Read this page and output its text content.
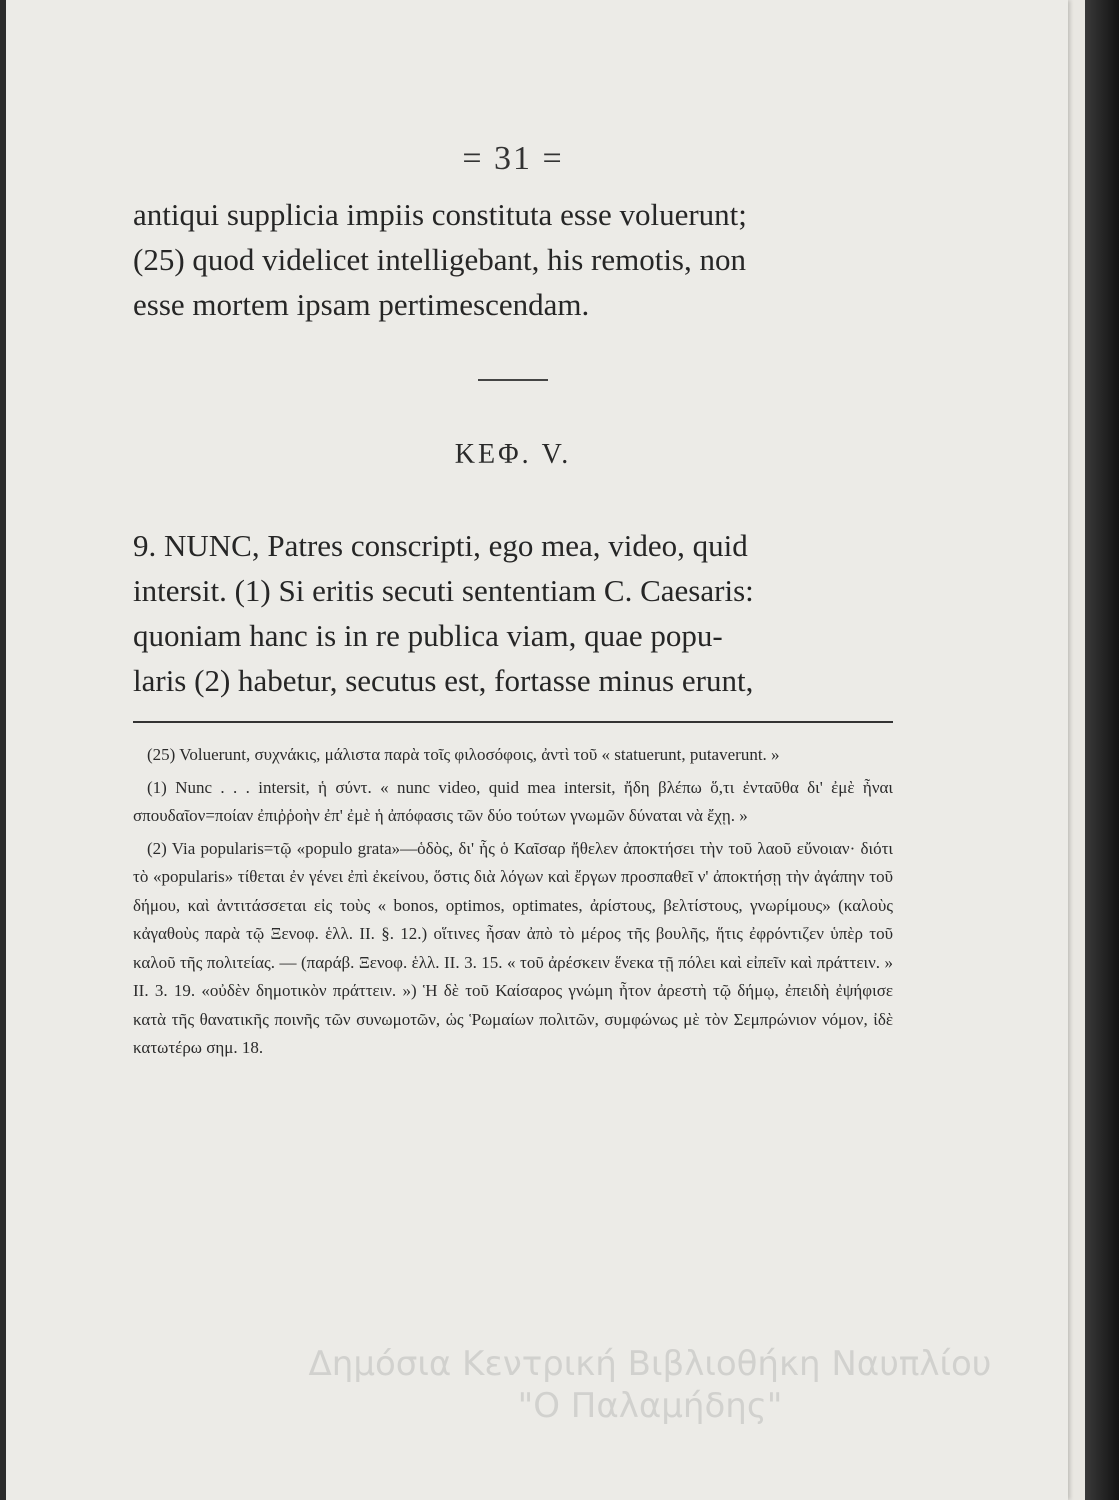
= 31 =

antiqui supplicia impiis constituta esse voluerunt;

(25) quod videlicet intelligebant, his remotis, non

esse mortem ipsam pertimescendam.

ΚΕΦ. V.

9. NUNC, Patres conscripti, ego mea, video, quid

intersit. (1) Si eritis secuti sententiam C. Caesaris:

quoniam hanc is in re publica viam, quae popu-

laris (2) habetur, secutus est, fortasse minus erunt,

(25) Voluerunt, συχνάκις, μάλιστα παρὰ τοῖς φιλοσόφοις, ἀντὶ τοῦ « statuerunt, putaverunt. »

(1) Nunc . . . intersit, ἡ σύντ. « nunc video, quid mea intersit, ἤδη βλέπω ὅ,τι ἐνταῦθα δι' ἐμὲ ἦναι σπουδαῖον=ποίαν ἐπιῤῥοὴν ἐπ' ἐμὲ ἡ ἀπόφασις τῶν δύο τούτων γνωμῶν δύναται νὰ ἔχῃ. »

(2) Via popularis=τῷ «populo grata»—ὁδὸς, δι' ἧς ὁ Καῖσαρ ἤθελεν ἀποκτήσει τὴν τοῦ λαοῦ εὔνοιαν· διότι τὸ «popularis» τίθεται ἐν γένει ἐπὶ ἐκείνου, ὅστις διὰ λόγων καὶ ἔργων προσπαθεῖ ν' ἀποκτήσῃ τὴν ἀγάπην τοῦ δήμου, καὶ ἀντιτάσσεται εἰς τοὺς « bonos, optimos, optimates, ἀρίστους, βελτίστους, γνωρίμους» (καλοὺς κἀγαθοὺς παρὰ τῷ Ξενοφ. ἑλλ. II. §. 12.) οἵτινες ἦσαν ἀπὸ τὸ μέρος τῆς βουλῆς, ἥτις ἐφρόντιζεν ὑπὲρ τοῦ καλοῦ τῆς πολιτείας. — (παράβ. Ξενοφ. ἑλλ. II. 3. 15. « τοῦ ἀρέσκειν ἕνεκα τῇ πόλει καὶ εἰπεῖν καὶ πράττειν. » II. 3. 19. «οὐδὲν δημοτικὸν πράττειν. ») Ἡ δὲ τοῦ Καίσαρος γνώμη ἦτον ἀρεστὴ τῷ δήμῳ, ἐπειδὴ ἐψήφισε κατὰ τῆς θανατικῆς ποινῆς τῶν συνωμοτῶν, ὡς Ῥωμαίων πολιτῶν, συμφώνως μὲ τὸν Σεμπρώνιον νόμον, ἰδὲ κατωτέρω σημ. 18.

Δημόσια Κεντρική Βιβλιοθήκη Ναυπλίου
"Ο Παλαμήδης"
